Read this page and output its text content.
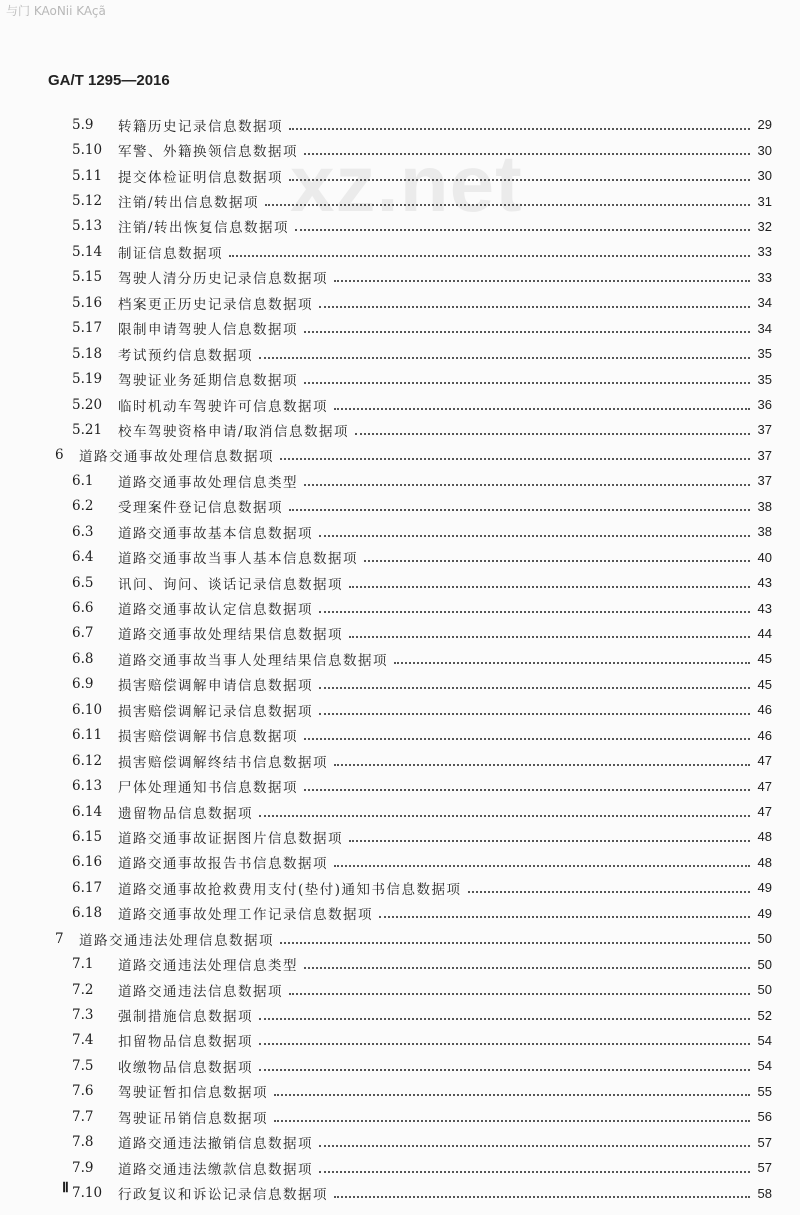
与门 KAoNii KAçã
GA/T 1295—2016
xz.net
5.9 转籍历史记录信息数据项	29
5.10 军警、外籍换领信息数据项	30
5.11 提交体检证明信息数据项	30
5.12 注销/转出信息数据项	31
5.13 注销/转出恢复信息数据项	32
5.14 制证信息数据项	33
5.15 驾驶人清分历史记录信息数据项	33
5.16 档案更正历史记录信息数据项	34
5.17 限制申请驾驶人信息数据项	34
5.18 考试预约信息数据项	35
5.19 驾驶证业务延期信息数据项	35
5.20 临时机动车驾驶许可信息数据项	36
5.21 校车驾驶资格申请/取消信息数据项	37
6 道路交通事故处理信息数据项	37
6.1 道路交通事故处理信息类型	37
6.2 受理案件登记信息数据项	38
6.3 道路交通事故基本信息数据项	38
6.4 道路交通事故当事人基本信息数据项	40
6.5 讯问、询问、谈话记录信息数据项	43
6.6 道路交通事故认定信息数据项	43
6.7 道路交通事故处理结果信息数据项	44
6.8 道路交通事故当事人处理结果信息数据项	45
6.9 损害赔偿调解申请信息数据项	45
6.10 损害赔偿调解记录信息数据项	46
6.11 损害赔偿调解书信息数据项	46
6.12 损害赔偿调解终结书信息数据项	47
6.13 尸体处理通知书信息数据项	47
6.14 遗留物品信息数据项	47
6.15 道路交通事故证据图片信息数据项	48
6.16 道路交通事故报告书信息数据项	48
6.17 道路交通事故抢救费用支付(垫付)通知书信息数据项	49
6.18 道路交通事故处理工作记录信息数据项	49
7 道路交通违法处理信息数据项	50
7.1 道路交通违法处理信息类型	50
7.2 道路交通违法信息数据项	50
7.3 强制措施信息数据项	52
7.4 扣留物品信息数据项	54
7.5 收缴物品信息数据项	54
7.6 驾驶证暂扣信息数据项	55
7.7 驾驶证吊销信息数据项	56
7.8 道路交通违法撤销信息数据项	57
7.9 道路交通违法缴款信息数据项	57
7.10 行政复议和诉讼记录信息数据项	58
Ⅱ
